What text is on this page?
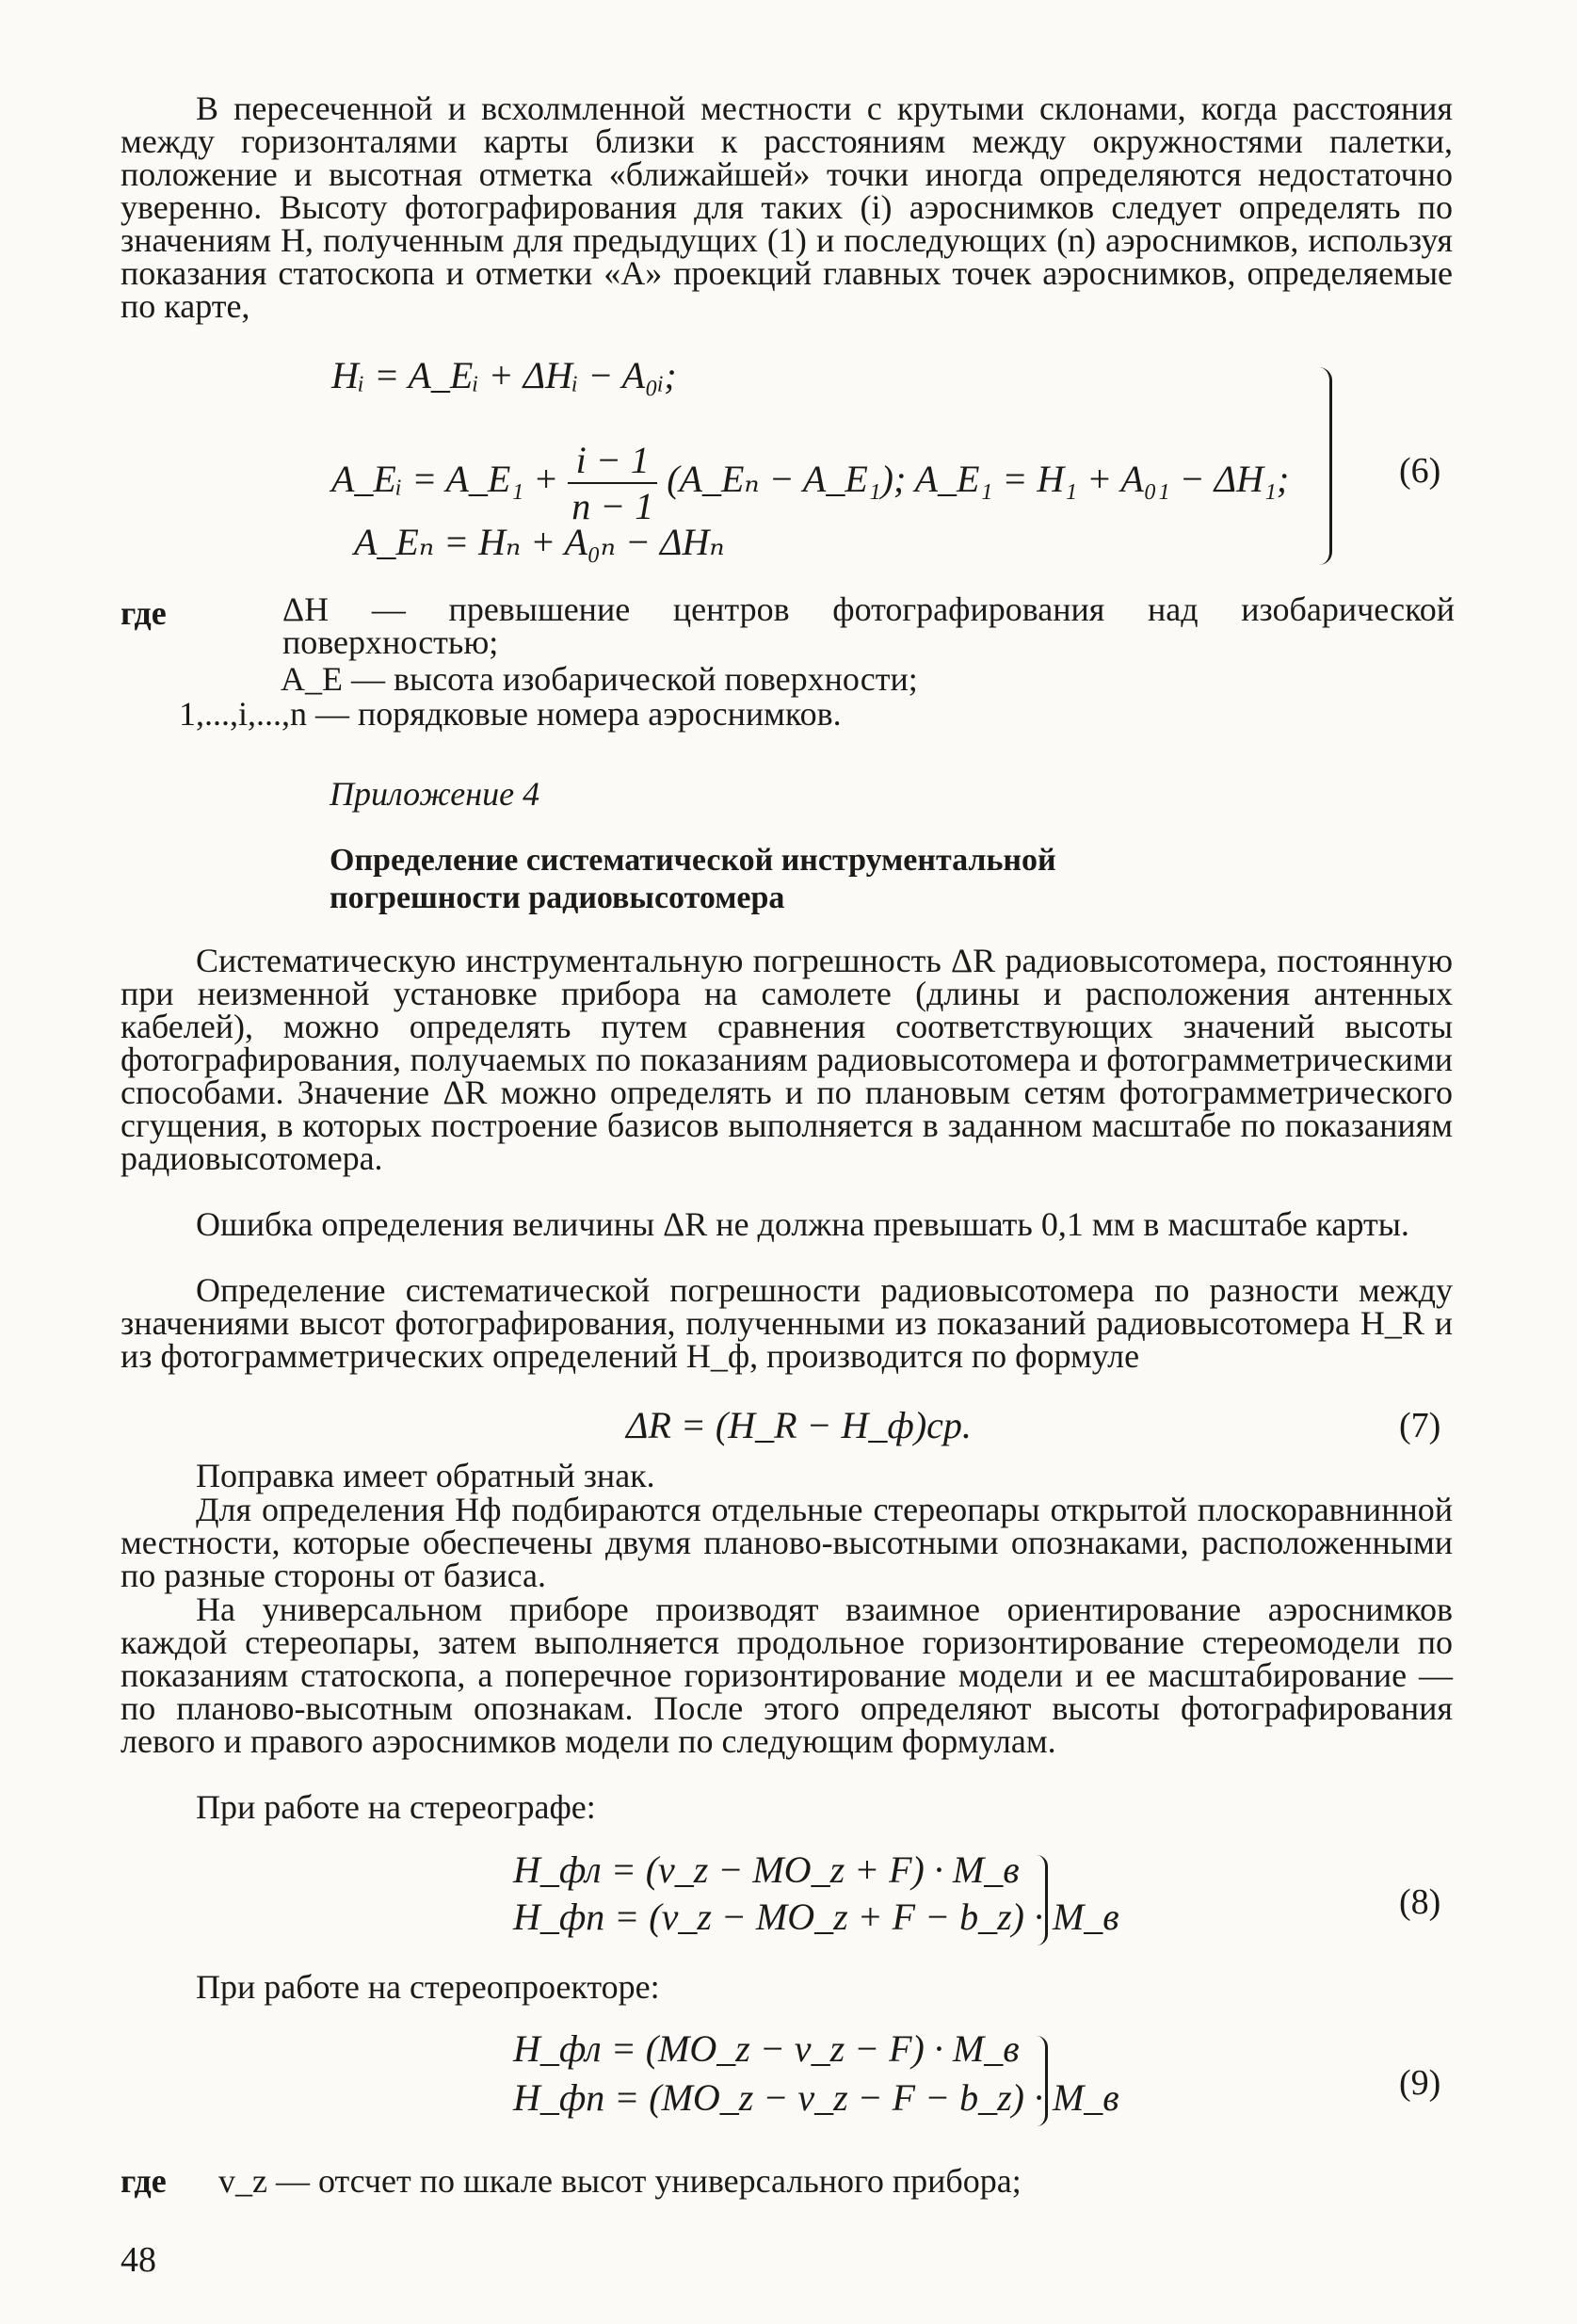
В пересеченной и всхолмленной местности с крутыми склонами, когда расстояния между горизонталями карты близки к расстояниям между окружностями палетки, положение и высотная отметка «ближайшей» точки иногда определяются недостаточно уверенно. Высоту фотографирования для таких (i) аэроснимков следует определять по значениям H, полученным для предыдущих (1) и последующих (n) аэроснимков, используя показания статоскопа и отметки «А» проекций главных точек аэроснимков, определяемые по карте,

Hᵢ = A_Eᵢ + ΔHᵢ − A₀ᵢ;
A_Eᵢ = A_E₁ + $\frac{i - 1}{n - 1}$ (A_Eₙ − A_E₁); A_E₁ = H₁ + A₀₁ − ΔH₁;
A_Eₙ = Hₙ + A₀ₙ − ΔHₙ
(6)
где	ΔH — превышение центров фотографирования над изобарической поверхностью;
A_E — высота изобарической поверхности;
1,...,i,...,n — порядковые номера аэроснимков.
Приложение 4
Определение систематической инструментальной
погрешности радиовысотомера

Систематическую инструментальную погрешность ΔR радиовысотомера, постоянную при неизменной установке прибора на самолете (длины и расположения антенных кабелей), можно определять путем сравнения соответствующих значений высоты фотографирования, получаемых по показаниям радиовысотомера и фотограмметрическими способами. Значение ΔR можно определять и по плановым сетям фотограмметрического сгущения, в которых построение базисов выполняется в заданном масштабе по показаниям радиовысотомера.

Ошибка определения величины ΔR не должна превышать 0,1 мм в масштабе карты.

Определение систематической погрешности радиовысотомера по разности между значениями высот фотографирования, полученными из показаний радиовысотомера H_R и из фотограмметрических определений H_ф, производится по формуле

ΔR = (H_R − H_ф)ср.	(7)

Поправка имеет обратный знак.

Для определения Hф подбираются отдельные стереопары открытой плоскоравнинной местности, которые обеспечены двумя планово-высотными опознаками, расположенными по разные стороны от базиса.

На универсальном приборе производят взаимное ориентирование аэроснимков каждой стереопары, затем выполняется продольное горизонтирование стереомодели по показаниям статоскопа, а поперечное горизонтирование модели и ее масштабирование — по планово-высотным опознакам. После этого определяют высоты фотографирования левого и правого аэроснимков модели по следующим формулам.

При работе на стереографе:

H_фл = (v_z − MO_z + F) · M_в
H_фп = (v_z − MO_z + F − b_z) · M_в	(8)

При работе на стереопроекторе:

H_фл = (MO_z − v_z − F) · M_в
H_фп = (MO_z − v_z − F − b_z) · M_в	(9)
где v_z — отсчет по шкале высот универсального прибора;
48
